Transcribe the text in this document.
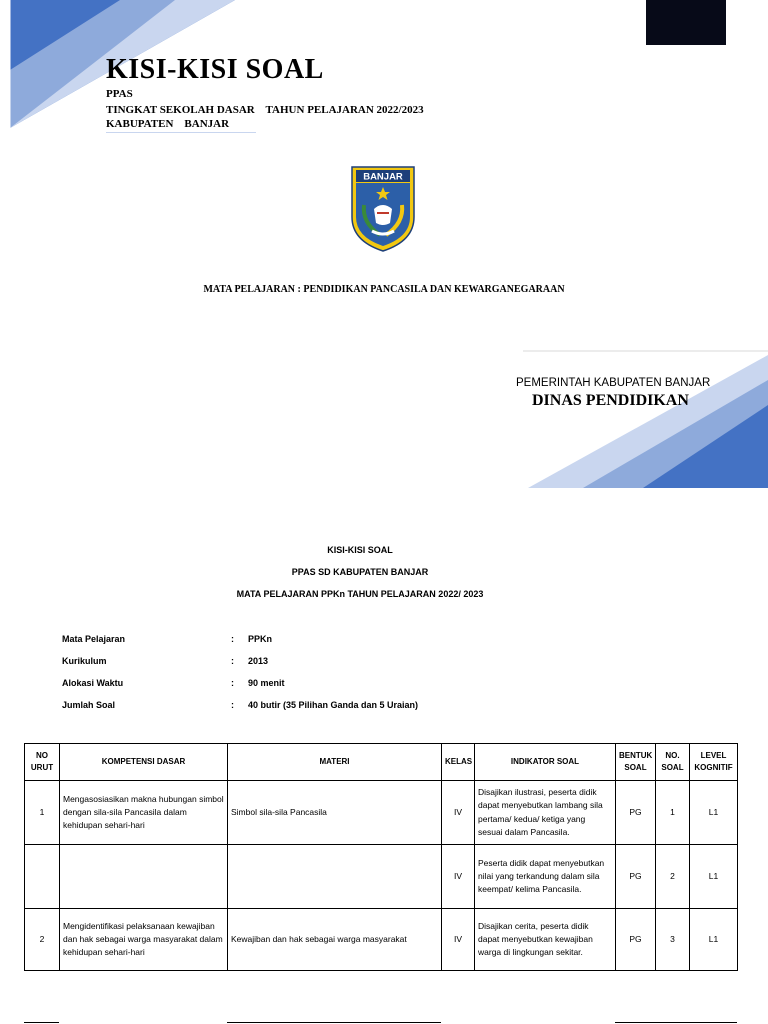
KISI-KISI SOAL
PPAS
TINGKAT SEKOLAH DASAR    TAHUN PELAJARAN 2022/2023
KABUPATEN    BANJAR
BANJAR
MATA PELAJARAN : PENDIDIKAN PANCASILA DAN KEWARGANEGARAAN
PEMERINTAH KABUPATEN BANJAR
DINAS PENDIDIKAN
KISI-KISI SOAL
PPAS SD KABUPATEN BANJAR
MATA PELAJARAN PPKn TAHUN PELAJARAN 2022/ 2023
Mata Pelajaran	: PPKn
Kurikulum	: 2013
Alokasi Waktu	: 90 menit
Jumlah Soal	: 40 butir (35 Pilihan Ganda dan 5 Uraian)
NO URUT	KOMPETENSI DASAR	MATERI	KELAS	INDIKATOR SOAL	BENTUK SOAL	NO. SOAL	LEVEL KOGNITIF
1	Mengasosiasikan makna hubungan simbol dengan sila-sila Pancasila dalam kehidupan sehari-hari	Simbol sila-sila Pancasila	IV	Disajikan ilustrasi, peserta didik dapat menyebutkan lambang sila pertama/ kedua/ ketiga yang sesuai dalam Pancasila.	PG	1	L1
			IV	Peserta didik dapat menyebutkan nilai yang terkandung dalam sila keempat/ kelima Pancasila.	PG	2	L1
2	Mengidentifikasi pelaksanaan kewajiban dan hak sebagai warga masyarakat dalam kehidupan sehari-hari	Kewajiban dan hak sebagai warga masyarakat	IV	Disajikan cerita, peserta didik dapat menyebutkan kewajiban warga di lingkungan sekitar.	PG	3	L1
